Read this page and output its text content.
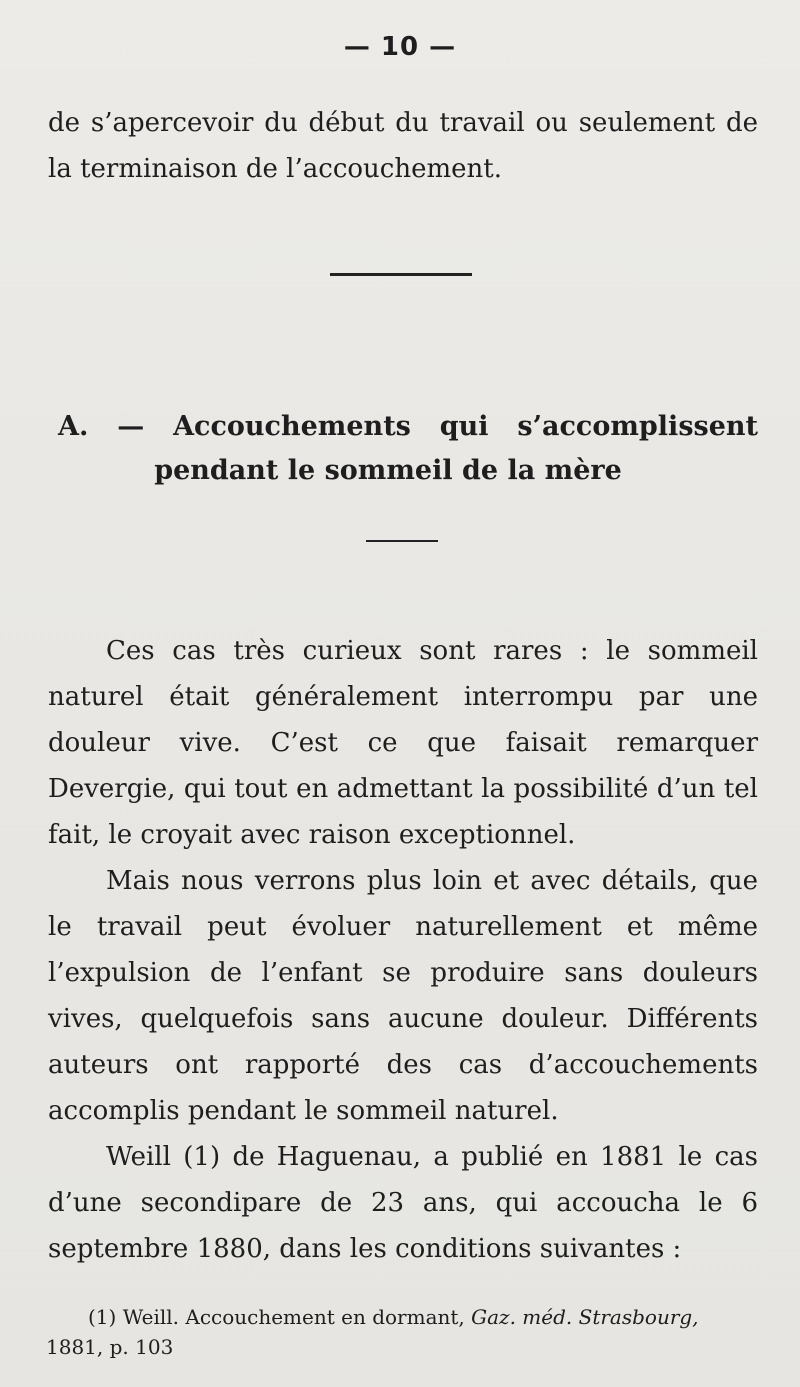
— 10 —
de s’apercevoir du début du travail ou seulement de la terminaison de l’accouchement.
A. — Accouchements qui s’accomplissent
pendant le sommeil de la mère

Ces cas très curieux sont rares : le sommeil naturel était généralement interrompu par une douleur vive. C’est ce que faisait remarquer Devergie, qui tout en admettant la possibilité d’un tel fait, le croyait avec raison exceptionnel.

Mais nous verrons plus loin et avec détails, que le travail peut évoluer naturellement et même l’expulsion de l’enfant se produire sans douleurs vives, quelquefois sans aucune douleur. Différents auteurs ont rapporté des cas d’accouchements accomplis pendant le sommeil naturel.

Weill (1) de Haguenau, a publié en 1881 le cas d’une secondipare de 23 ans, qui accoucha le 6 septembre 1880, dans les conditions suivantes :

(1) Weill. Accouchement en dormant, Gaz. méd. Strasbourg,
1881, p. 103
